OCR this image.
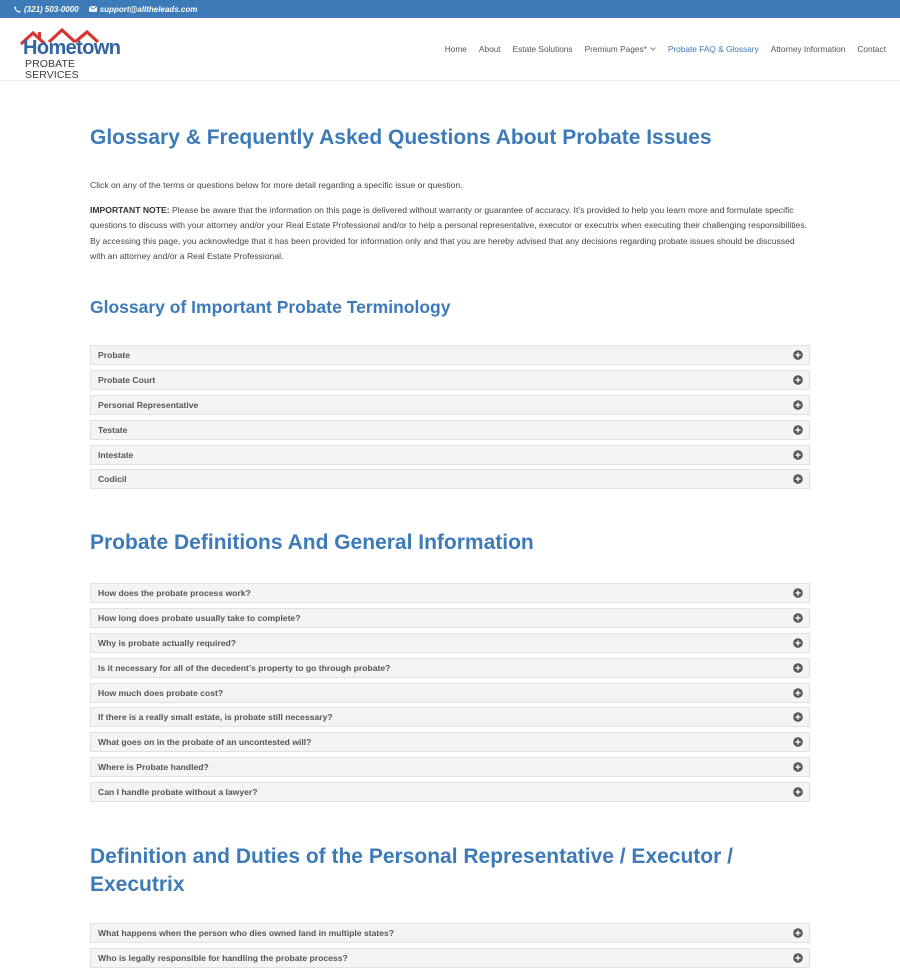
(321) 503-0000	support@alltheleads.com
Hometown
PROBATE SERVICES
Home About Estate Solutions Premium Pages*	Probate FAQ & Glossary Attorney Information Contact
Glossary & Frequently Asked Questions About Probate Issues

Click on any of the terms or questions below for more detail regarding a specific issue or question.

IMPORTANT NOTE: Please be aware that the information on this page is delivered without warranty or guarantee of accuracy. It’s provided to help you learn more and formulate specific questions to discuss with your attorney and/or your Real Estate Professional and/or to help a personal representative, executor or executrix when executing their challenging responsibilities. By accessing this page, you acknowledge that it has been provided for information only and that you are hereby advised that any decisions regarding probate issues should be discussed with an attorney and/or a Real Estate Professional.

Glossary of Important Probate Terminology
Probate
Probate Court
Personal Representative
Testate
Intestate
Codicil
Probate Definitions And General Information
How does the probate process work?
How long does probate usually take to complete?
Why is probate actually required?
Is it necessary for all of the decedent’s property to go through probate?
How much does probate cost?
If there is a really small estate, is probate still necessary?
What goes on in the probate of an uncontested will?
Where is Probate handled?
Can I handle probate without a lawyer?
Definition and Duties of the Personal Representative / Executor / Executrix
What happens when the person who dies owned land in multiple states?
Who is legally responsible for handling the probate process?
